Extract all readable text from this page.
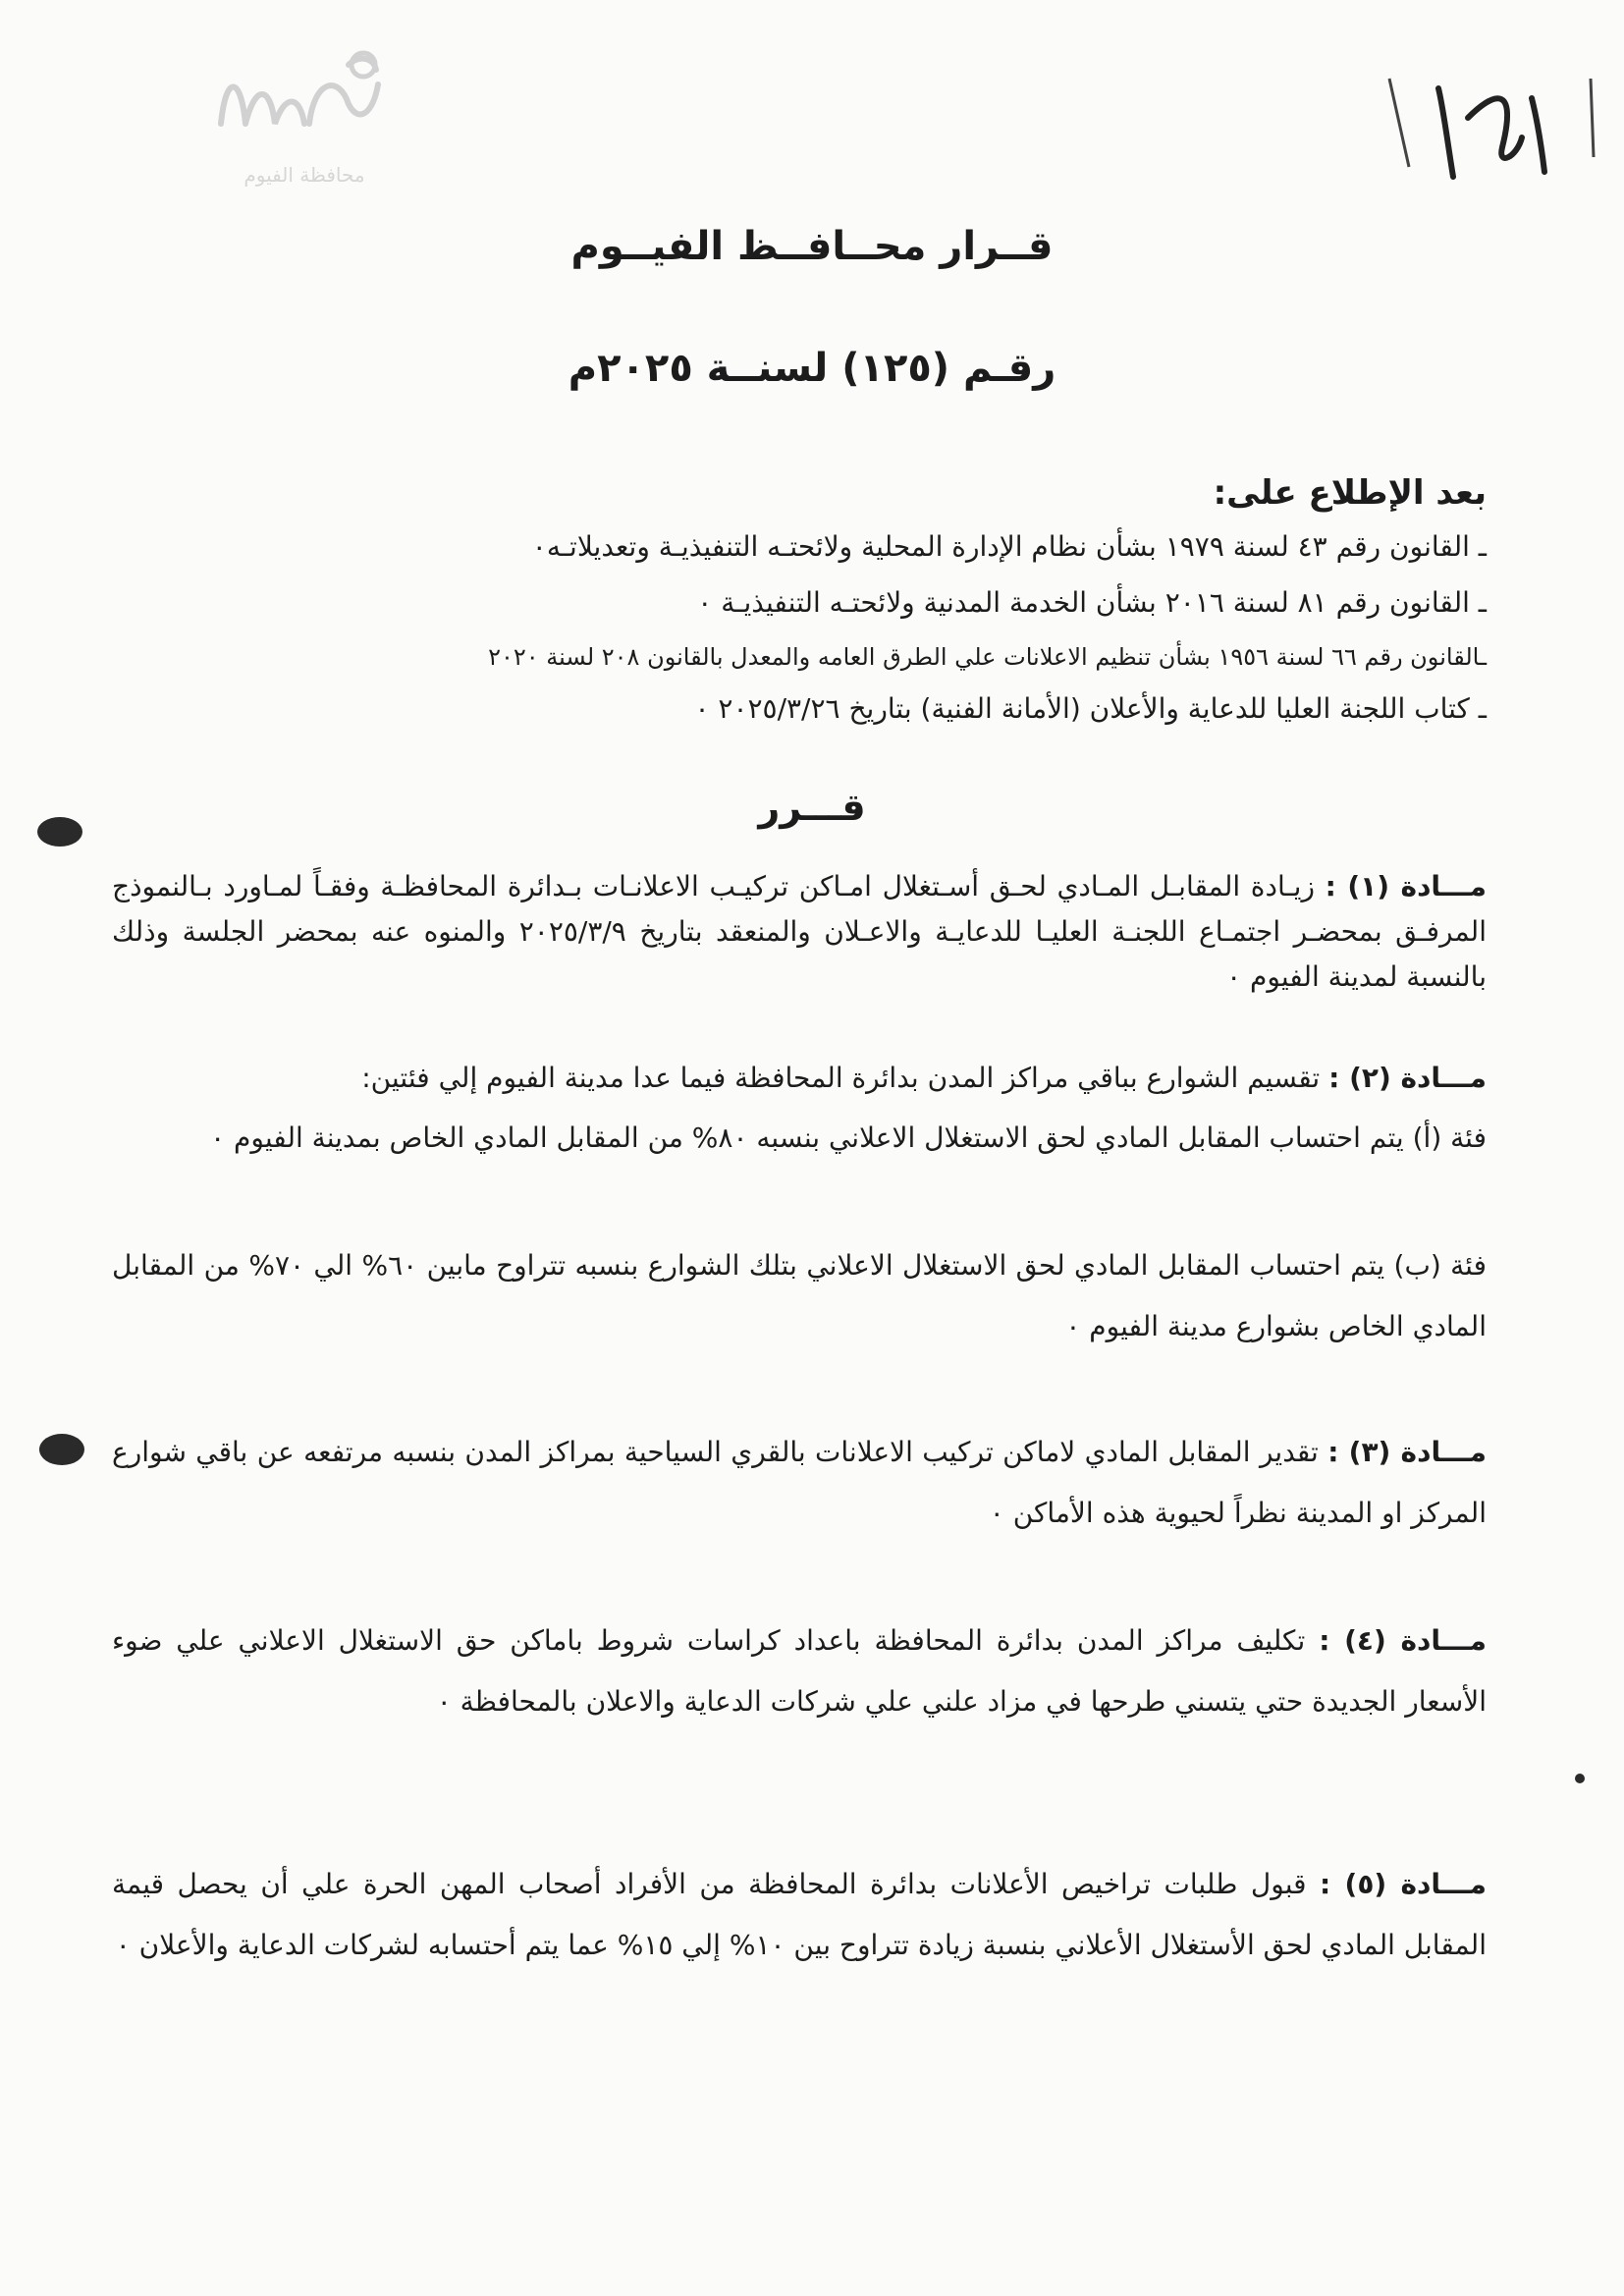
محافظة الفيوم
قــرار محــافــظ الفيــوم
رقـم (١٢٥) لسنــة ٢٠٢٥م
بعد الإطلاع على:
ـ القانون رقم ٤٣ لسنة ١٩٧٩ بشأن نظام الإدارة المحلية ولائحتـه التنفيذيـة وتعديلاتـه٠
ـ القانون رقم ٨١ لسنة ٢٠١٦ بشأن الخدمة المدنية ولائحتـه التنفيذيـة ٠
ـالقانون رقم ٦٦ لسنة ١٩٥٦ بشأن تنظيم الاعلانات علي الطرق العامه والمعدل بالقانون ٢٠٨ لسنة ٢٠٢٠
ـ كتاب اللجنة العليا للدعاية والأعلان (الأمانة الفنية) بتاريخ ٢٠٢٥/٣/٢٦ ٠
قـــرر
مـــادة (١) : زيـادة المقابـل المـادي لحـق أسـتغلال امـاكن تركيـب الاعلانـات بـدائرة المحافظـة وفقـاً لمـاورد بـالنموذج المرفـق بمحضـر اجتمـاع اللجنـة العليـا للدعايـة والاعـلان والمنعقد بتاريخ ٢٠٢٥/٣/٩ والمنوه عنه بمحضر الجلسة وذلك بالنسبة لمدينة الفيوم ٠
مـــادة (٢) : تقسيم الشوارع بباقي مراكز المدن بدائرة المحافظة فيما عدا مدينة الفيوم إلي فئتين:
فئة (أ) يتم احتساب المقابل المادي لحق الاستغلال الاعلاني بنسبه ٨٠% من المقابل المادي الخاص بمدينة الفيوم ٠
فئة (ب) يتم احتساب المقابل المادي لحق الاستغلال الاعلاني بتلك الشوارع بنسبه تتراوح مابين ٦٠% الي ٧٠% من المقابل المادي الخاص بشوارع مدينة الفيوم ٠
مـــادة (٣) : تقدير المقابل المادي لاماكن تركيب الاعلانات بالقري السياحية بمراكز المدن بنسبه مرتفعه عن باقي شوارع المركز او المدينة نظراً لحيوية هذه الأماكن ٠
مـــادة (٤) : تكليف مراكز المدن بدائرة المحافظة باعداد كراسات شروط باماكن حق الاستغلال الاعلاني علي ضوء الأسعار الجديدة حتي يتسني طرحها في مزاد علني علي شركات الدعاية والاعلان بالمحافظة ٠
مـــادة (٥) : قبول طلبات تراخيص الأعلانات بدائرة المحافظة من الأفراد أصحاب المهن الحرة علي أن يحصل قيمة المقابل المادي لحق الأستغلال الأعلاني بنسبة زيادة تتراوح بين ١٠% إلي ١٥% عما يتم أحتسابه لشركات الدعاية والأعلان ٠
